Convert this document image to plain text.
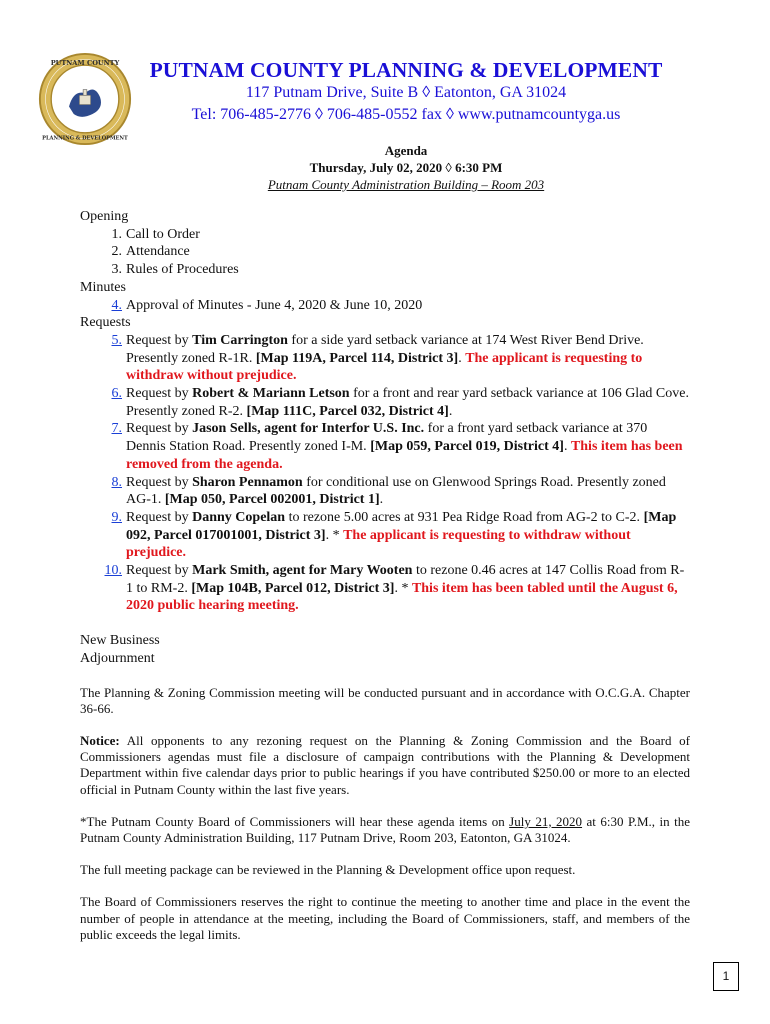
PUTNAM COUNTY
PLANNING & DEVELOPMENT
PUTNAM COUNTY PLANNING & DEVELOPMENT
117 Putnam Drive, Suite B ◊ Eatonton, GA 31024
Tel: 706-485-2776 ◊ 706-485-0552 fax ◊ www.putnamcountyga.us
Agenda
Thursday, July 02, 2020 ◊ 6:30 PM
Putnam County Administration Building – Room 203

Opening

1. Call to Order
2. Attendance
3. Rules of Procedures

Minutes

4. Approval of Minutes - June 4, 2020 & June 10, 2020

Requests

5. Request by Tim Carrington for a side yard setback variance at 174 West River Bend Drive. Presently zoned R-1R. [Map 119A, Parcel 114, District 3]. The applicant is requesting to withdraw without prejudice.
6. Request by Robert & Mariann Letson for a front and rear yard setback variance at 106 Glad Cove. Presently zoned R-2. [Map 111C, Parcel 032, District 4].
7. Request by Jason Sells, agent for Interfor U.S. Inc. for a front yard setback variance at 370 Dennis Station Road. Presently zoned I-M. [Map 059, Parcel 019, District 4]. This item has been removed from the agenda.
8. Request by Sharon Pennamon for conditional use on Glenwood Springs Road. Presently zoned AG-1. [Map 050, Parcel 002001, District 1].
9. Request by Danny Copelan to rezone 5.00 acres at 931 Pea Ridge Road from AG-2 to C-2. [Map 092, Parcel 017001001, District 3]. * The applicant is requesting to withdraw without prejudice.
10. Request by Mark Smith, agent for Mary Wooten to rezone 0.46 acres at 147 Collis Road from R-1 to RM-2. [Map 104B, Parcel 012, District 3]. * This item has been tabled until the August 6, 2020 public hearing meeting.

New Business

Adjournment

The Planning & Zoning Commission meeting will be conducted pursuant and in accordance with O.C.G.A. Chapter 36-66.

Notice: All opponents to any rezoning request on the Planning & Zoning Commission and the Board of Commissioners agendas must file a disclosure of campaign contributions with the Planning & Development Department within five calendar days prior to public hearings if you have contributed $250.00 or more to an elected official in Putnam County within the last five years.

*The Putnam County Board of Commissioners will hear these agenda items on July 21, 2020 at 6:30 P.M., in the Putnam County Administration Building, 117 Putnam Drive, Room 203, Eatonton, GA 31024.

The full meeting package can be reviewed in the Planning & Development office upon request.

The Board of Commissioners reserves the right to continue the meeting to another time and place in the event the number of people in attendance at the meeting, including the Board of Commissioners, staff, and members of the public exceeds the legal limits.

1
